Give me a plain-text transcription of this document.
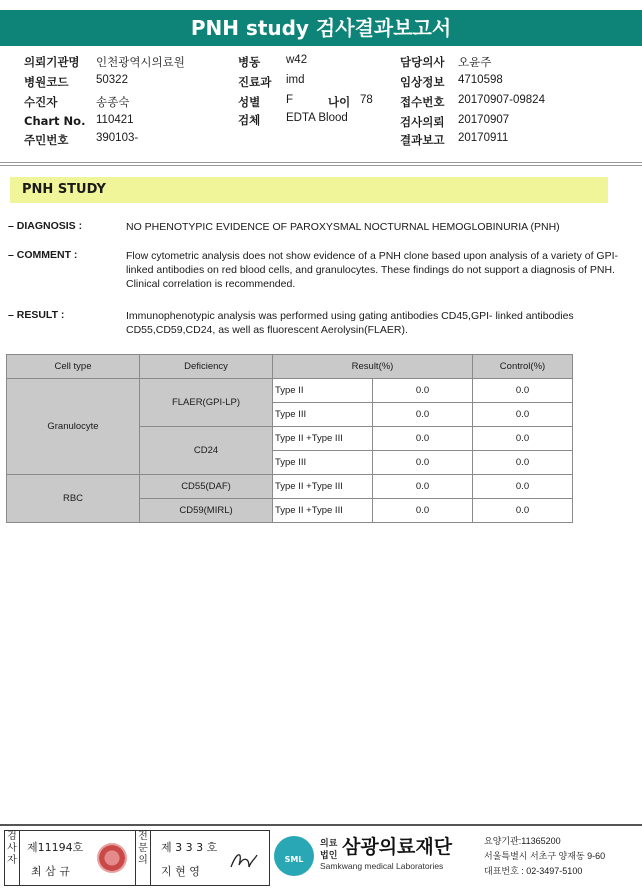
PNH study 검사결과보고서
의뢰기관명 인천광역시의료원
병원코드 50322
수진자	송종숙
Chart No. 110421
주민번호 390103-
병동 w42
진료과 imd
성별 F	나이 78
검체 EDTA Blood
담당의사 오윤주
임상정보 4710598
접수번호 20170907-09824
검사의뢰 20170907
결과보고 20170911
PNH STUDY
– DIAGNOSIS :	NO PHENOTYPIC EVIDENCE OF PAROXYSMAL NOCTURNAL HEMOGLOBINURIA (PNH)
– COMMENT :	Flow cytometric analysis does not show evidence of a PNH clone based upon analysis of a variety of GPI-linked antibodies on red blood cells, and granulocytes. These findings do not support a diagnosis of PNH. Clinical correlation is recommended.
– RESULT :	Immunophenotypic analysis was performed using gating antibodies CD45,GPI- linked antibodies CD55,CD59,CD24, as well as fluorescent Aerolysin(FLAER).
Cell type	Deficiency	Result(%)		Control(%)
Granulocyte	FLAER(GPI-LP)	Type II	0.0	0.0
		Type III	0.0	0.0
	CD24	Type II +Type III	0.0	0.0
		Type III	0.0	0.0
RBC	CD55(DAF)	Type II +Type III	0.0	0.0
	CD59(MIRL)	Type II +Type III	0.0	0.0
검사자
제11194호
최 삼 규
전문의
제 3 3 3 호
지 현 영
SML
의료
법인 삼광의료재단
Samkwang medical Laboratories
요양기관:11365200
서울특별시 서초구 양재동 9-60
대표번호 : 02-3497-5100
